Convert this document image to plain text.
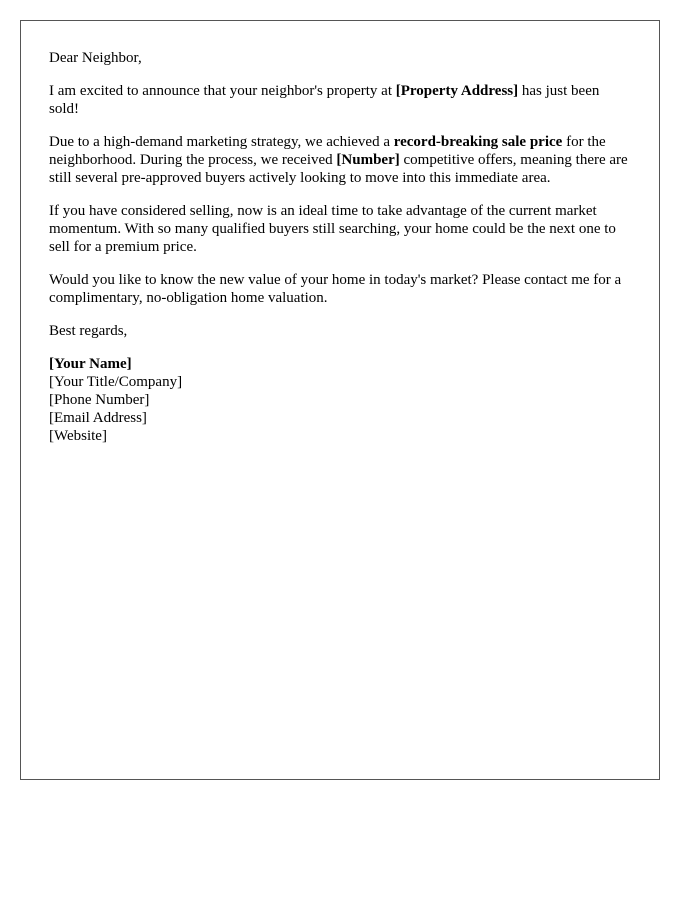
Dear Neighbor,

I am excited to announce that your neighbor's property at [Property Address] has just been sold!

Due to a high-demand marketing strategy, we achieved a record-breaking sale price for the neighborhood. During the process, we received [Number] competitive offers, meaning there are still several pre-approved buyers actively looking to move into this immediate area.

If you have considered selling, now is an ideal time to take advantage of the current market momentum. With so many qualified buyers still searching, your home could be the next one to sell for a premium price.

Would you like to know the new value of your home in today's market? Please contact me for a complimentary, no-obligation home valuation.

Best regards,

[Your Name]
[Your Title/Company]
[Phone Number]
[Email Address]
[Website]
